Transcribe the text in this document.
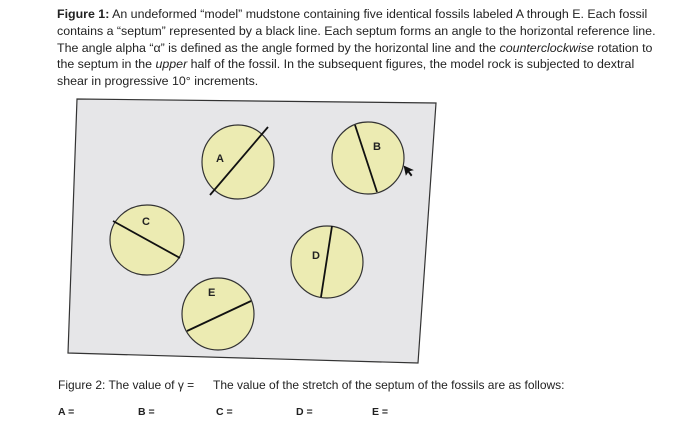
Figure 1: An undeformed “model” mudstone containing five identical fossils labeled A through E. Each fossil contains a “septum” represented by a black line. Each septum forms an angle to the horizontal reference line. The angle alpha “α” is defined as the angle formed by the horizontal line and the counterclockwise rotation to the septum in the upper half of the fossil. In the subsequent figures, the model rock is subjected to dextral shear in progressive 10° increments.
A
B
C
D
E
Figure 2: The value of γ = The value of the stretch of the septum of the fossils are as follows:
A =	B =	C =	D =	E =
